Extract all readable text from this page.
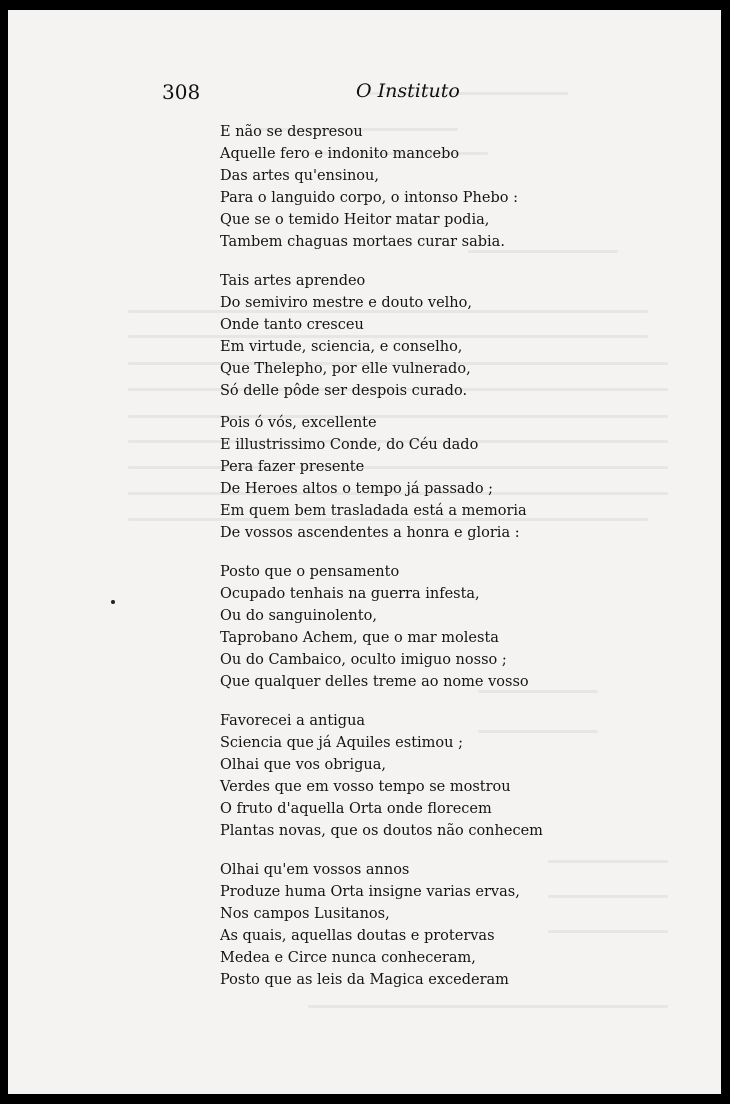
308	O Instituto
E não se despresou
Aquelle fero e indonito mancebo
Das artes qu'ensinou,
Para o languido corpo, o intonso Phebo :
Que se o temido Heitor matar podia,
Tambem chaguas mortaes curar sabia.
Tais artes aprendeo
Do semiviro mestre e douto velho,
Onde tanto cresceu
Em virtude, sciencia, e conselho,
Que Thelepho, por elle vulnerado,
Só delle pôde ser despois curado.
Pois ó vós, excellente
E illustrissimo Conde, do Céu dado
Pera fazer presente
De Heroes altos o tempo já passado ;
Em quem bem trasladada está a memoria
De vossos ascendentes a honra e gloria :
Posto que o pensamento
Ocupado tenhais na guerra infesta,
Ou do sanguinolento,
Taprobano Achem, que o mar molesta
Ou do Cambaico, oculto imiguo nosso ;
Que qualquer delles treme ao nome vosso
Favorecei a antigua
Sciencia que já Aquiles estimou ;
Olhai que vos obrigua,
Verdes que em vosso tempo se mostrou
O fruto d'aquella Orta onde florecem
Plantas novas, que os doutos não conhecem
Olhai qu'em vossos annos
Produze huma Orta insigne varias ervas,
Nos campos Lusitanos,
As quais, aquellas doutas e protervas
Medea e Circe nunca conheceram,
Posto que as leis da Magica excederam
